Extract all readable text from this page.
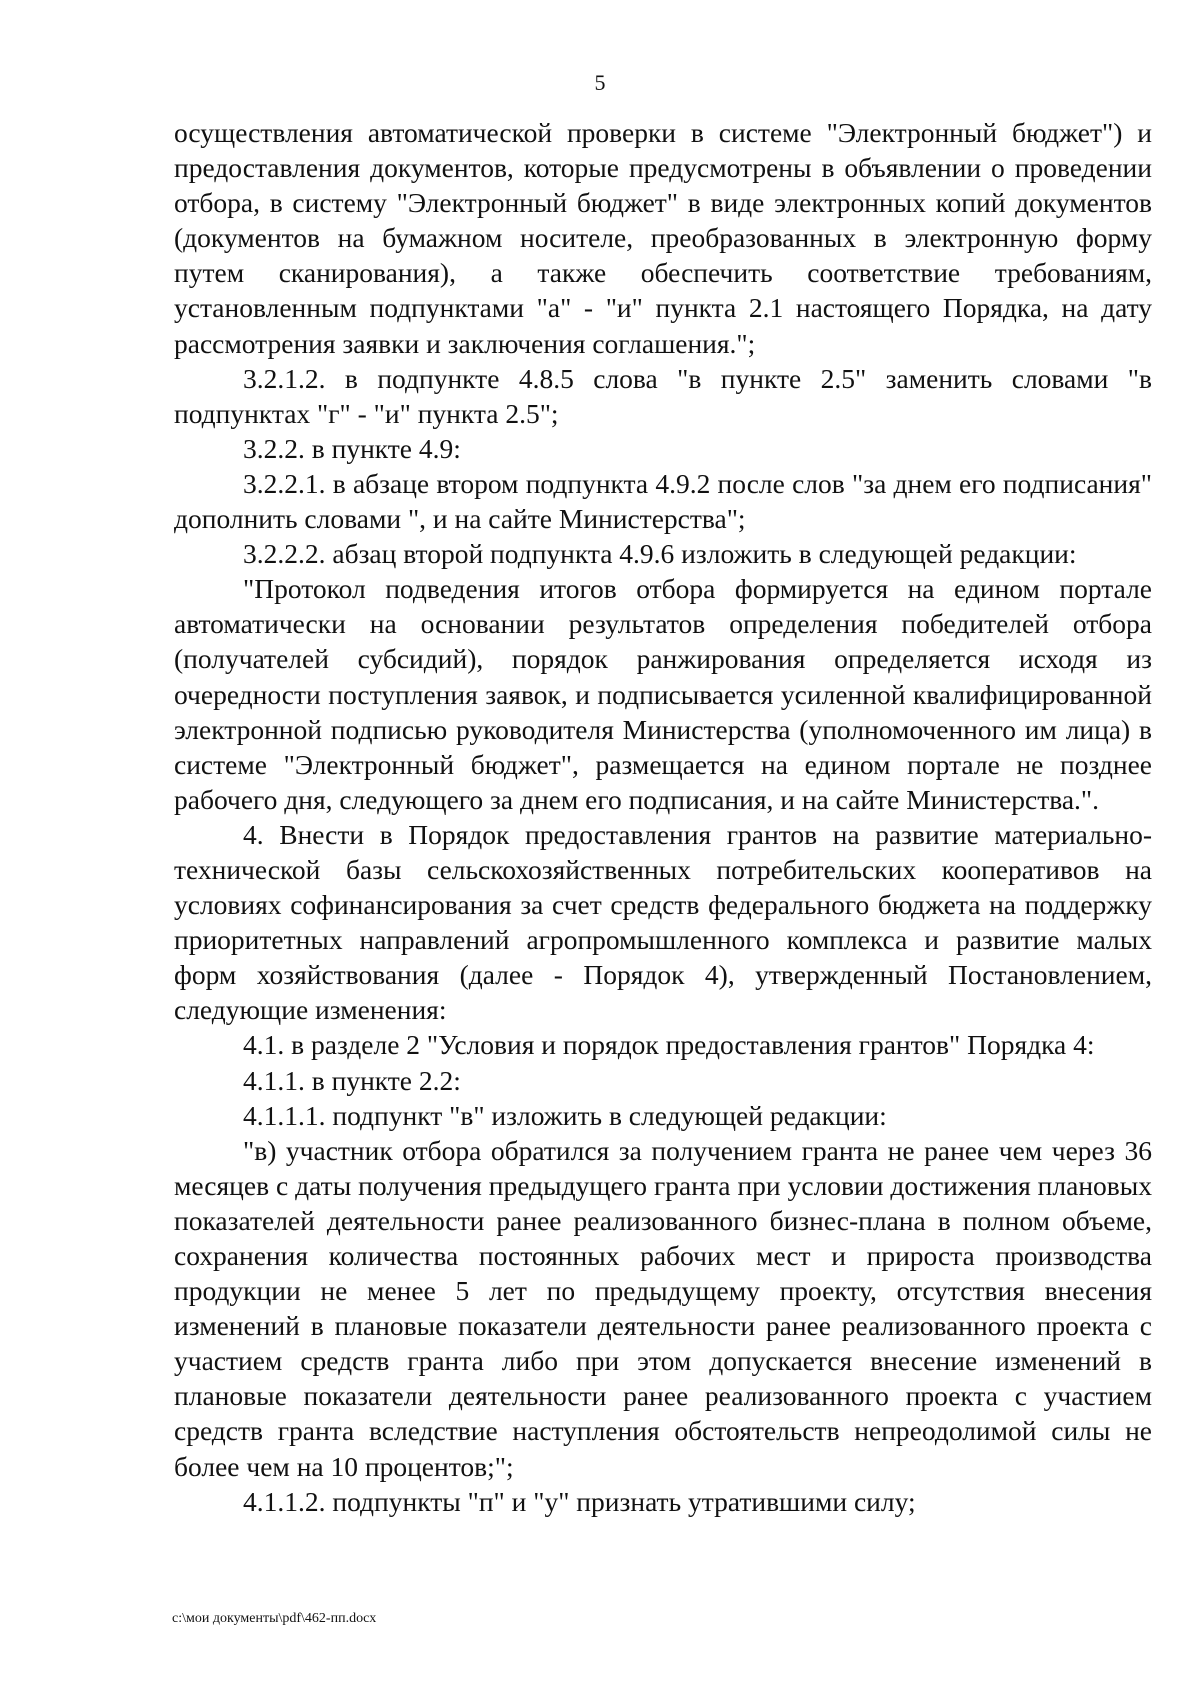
5

осуществления автоматической проверки в системе "Электронный бюджет") и предоставления документов, которые предусмотрены в объявлении о проведении отбора, в систему "Электронный бюджет" в виде электронных копий документов (документов на бумажном носителе, преобразованных в электронную форму путем сканирования), а также обеспечить соответствие требованиям, установленным подпунктами "а" - "и" пункта 2.1 настоящего Порядка, на дату рассмотрения заявки и заключения соглашения.";

3.2.1.2. в подпункте 4.8.5 слова "в пункте 2.5" заменить словами "в подпунктах "г" - "и" пункта 2.5";

3.2.2. в пункте 4.9:

3.2.2.1. в абзаце втором подпункта 4.9.2 после слов "за днем его подписания" дополнить словами ", и на сайте Министерства";

3.2.2.2. абзац второй подпункта 4.9.6 изложить в следующей редакции:

"Протокол подведения итогов отбора формируется на едином портале автоматически на основании результатов определения победителей отбора (получателей субсидий), порядок ранжирования определяется исходя из очередности поступления заявок, и подписывается усиленной квалифицированной электронной подписью руководителя Министерства (уполномоченного им лица) в системе "Электронный бюджет", размещается на едином портале не позднее рабочего дня, следующего за днем его подписания, и на сайте Министерства.".

4. Внести в Порядок предоставления грантов на развитие материально-технической базы сельскохозяйственных потребительских кооперативов на условиях софинансирования за счет средств федерального бюджета на поддержку приоритетных направлений агропромышленного комплекса и развитие малых форм хозяйствования (далее - Порядок 4), утвержденный Постановлением, следующие изменения:

4.1. в разделе 2 "Условия и порядок предоставления грантов" Порядка 4:

4.1.1. в пункте 2.2:

4.1.1.1. подпункт "в" изложить в следующей редакции:

"в) участник отбора обратился за получением гранта не ранее чем через 36 месяцев с даты получения предыдущего гранта при условии достижения плановых показателей деятельности ранее реализованного бизнес-плана в полном объеме, сохранения количества постоянных рабочих мест и прироста производства продукции не менее 5 лет по предыдущему проекту, отсутствия внесения изменений в плановые показатели деятельности ранее реализованного проекта с участием средств гранта либо при этом допускается внесение изменений в плановые показатели деятельности ранее реализованного проекта с участием средств гранта вследствие наступления обстоятельств непреодолимой силы не более чем на 10 процентов;";

4.1.1.2. подпункты "п" и "у" признать утратившими силу;

c:\мои документы\pdf\462-пп.docx
